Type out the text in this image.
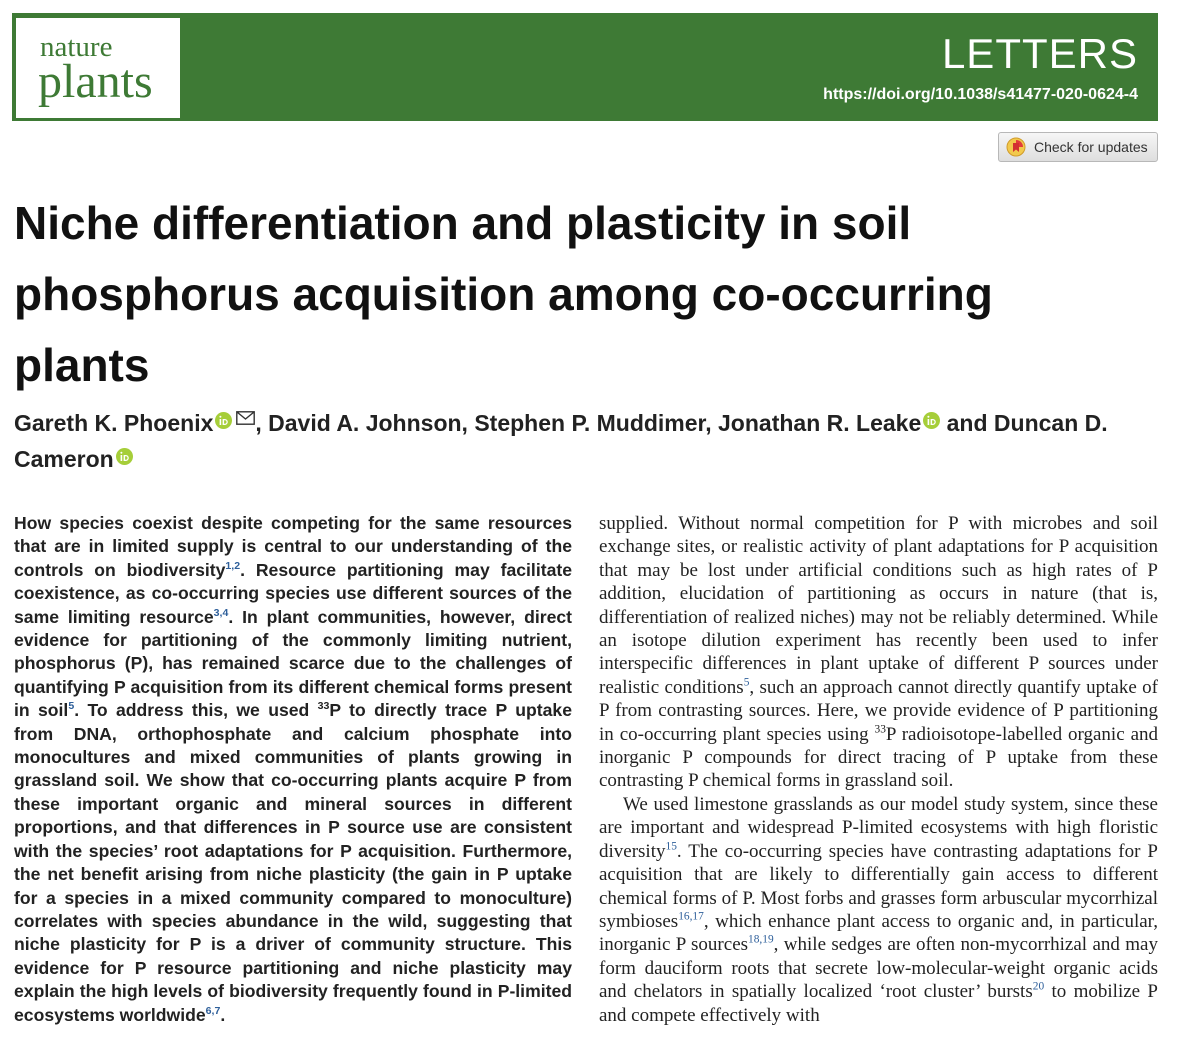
LETTERS
https://doi.org/10.1038/s41477-020-0624-4
nature
plants
Check for updates
Niche differentiation and plasticity in soil phosphorus acquisition among co-occurring plants
Gareth K. Phoenix , David A. Johnson, Stephen P. Muddimer, Jonathan R. Leake
and Duncan D. Cameron

How species coexist despite competing for the same resources that are in limited supply is central to our understanding of the controls on biodiversity$^{1,2}$. Resource partitioning may facilitate coexistence, as co-occurring species use different sources of the same limiting resource$^{3,4}$. In plant communities, however, direct evidence for partitioning of the commonly limiting nutrient, phosphorus (P), has remained scarce due to the challenges of quantifying P acquisition from its different chemical forms present in soil$^5$. To address this, we used $^{33}$P to directly trace P uptake from DNA, orthophosphate and calcium phosphate into monocultures and mixed communities of plants growing in grassland soil. We show that co-occurring plants acquire P from these important organic and mineral sources in different proportions, and that differences in P source use are consistent with the species’ root adaptations for P acquisition. Furthermore, the net benefit arising from niche plasticity (the gain in P uptake for a species in a mixed community compared to monoculture) correlates with species abundance in the wild, suggesting that niche plasticity for P is a driver of community structure. This evidence for P resource partitioning and niche plasticity may explain the high levels of biodiversity frequently found in P-limited ecosystems worldwide$^{6,7}$.

supplied. Without normal competition for P with microbes and soil exchange sites, or realistic activity of plant adaptations for P acquisition that may be lost under artificial conditions such as high rates of P addition, elucidation of partitioning as occurs in nature (that is, differentiation of realized niches) may not be reliably determined. While an isotope dilution experiment has recently been used to infer interspecific differences in plant uptake of different P sources under realistic conditions$^5$, such an approach cannot directly quantify uptake of P from contrasting sources. Here, we provide evidence of P partitioning in co-occurring plant species using $^{33}$P radioisotope-labelled organic and inorganic P compounds for direct tracing of P uptake from these contrasting P chemical forms in grassland soil.

We used limestone grasslands as our model study system, since these are important and widespread P-limited ecosystems with high floristic diversity$^{15}$. The co-occurring species have contrasting adaptations for P acquisition that are likely to differentially gain access to different chemical forms of P. Most forbs and grasses form arbuscular mycorrhizal symbioses$^{16,17}$, which enhance plant access to organic and, in particular, inorganic P sources$^{18,19}$, while sedges are often non-mycorrhizal and may form dauciform roots that secrete low-molecular-weight organic acids and chelators in spatially localized ‘root cluster’ bursts$^{20}$ to mobilize P and compete effectively with
